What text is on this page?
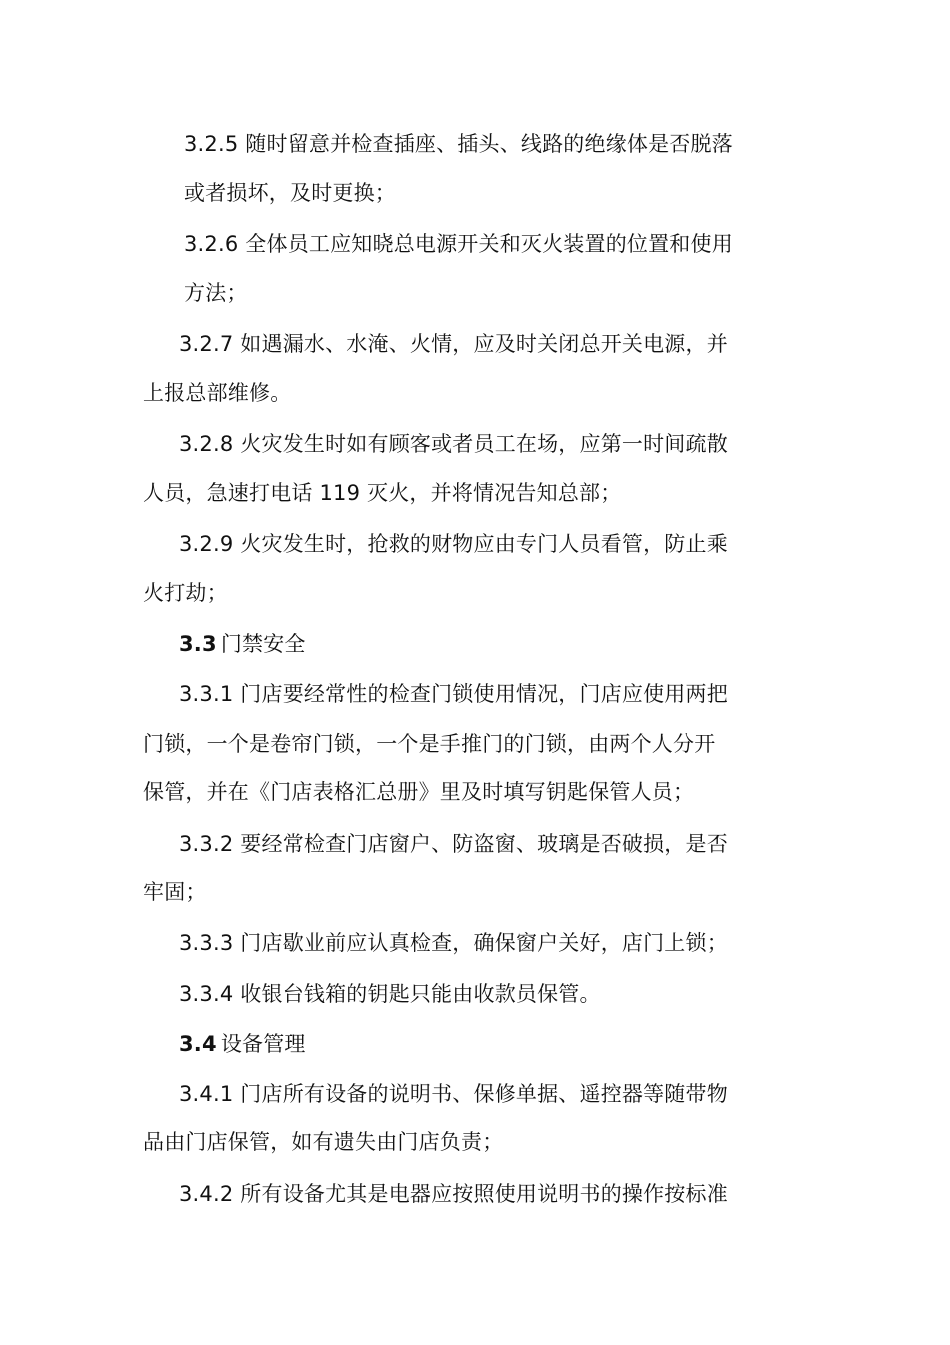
3.2.5 随时留意并检查插座、插头、线路的绝缘体是否脱落

或者损坏，及时更换；

3.2.6 全体员工应知晓总电源开关和灭火装置的位置和使用

方法；

3.2.7 如遇漏水、水淹、火情，应及时关闭总开关电源，并

上报总部维修。

3.2.8 火灾发生时如有顾客或者员工在场，应第一时间疏散

人员，急速打电话 119 灭火，并将情况告知总部；

3.2.9 火灾发生时，抢救的财物应由专门人员看管，防止乘

火打劫；

3.3 门禁安全

3.3.1 门店要经常性的检查门锁使用情况，门店应使用两把

门锁，一个是卷帘门锁，一个是手推门的门锁，由两个人分开

保管，并在《门店表格汇总册》里及时填写钥匙保管人员；

3.3.2 要经常检查门店窗户、防盗窗、玻璃是否破损，是否

牢固；

3.3.3 门店歇业前应认真检查，确保窗户关好，店门上锁；

3.3.4 收银台钱箱的钥匙只能由收款员保管。

3.4 设备管理

3.4.1 门店所有设备的说明书、保修单据、遥控器等随带物

品由门店保管，如有遗失由门店负责；

3.4.2 所有设备尤其是电器应按照使用说明书的操作按标准
